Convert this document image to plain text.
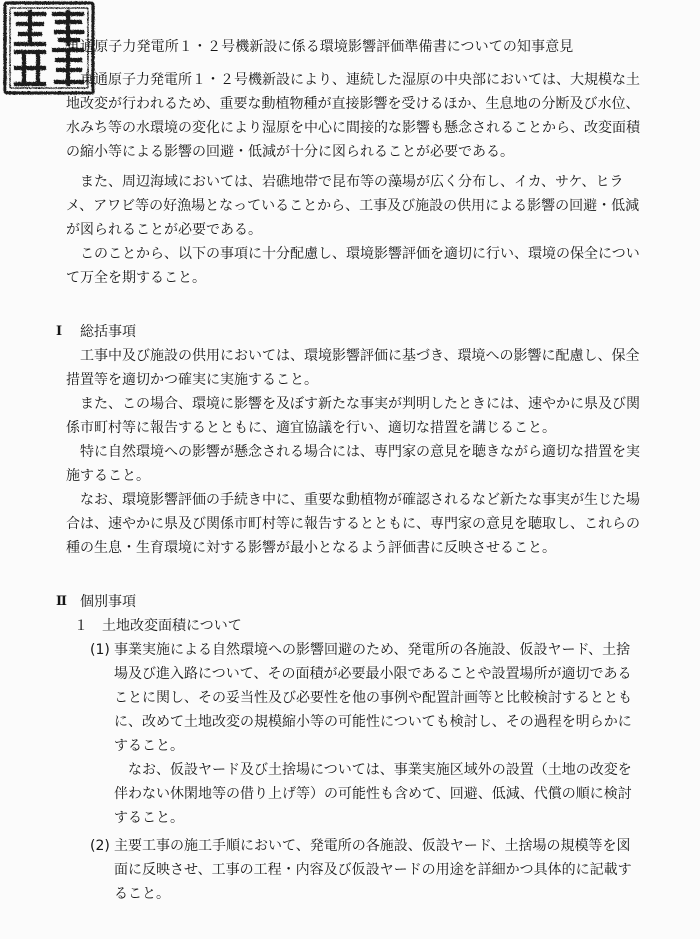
東通原子力発電所１・２号機新設に係る環境影響評価準備書についての知事意見

　東通原子力発電所１・２号機新設により、連続した湿原の中央部においては、大規模な土地改変が行われるため、重要な動植物種が直接影響を受けるほか、生息地の分断及び水位、水みち等の水環境の変化により湿原を中心に間接的な影響も懸念されることから、改変面積の縮小等による影響の回避・低減が十分に図られることが必要である。

　また、周辺海域においては、岩礁地帯で昆布等の藻場が広く分布し、イカ、サケ、ヒラメ、アワビ等の好漁場となっていることから、工事及び施設の供用による影響の回避・低減が図られることが必要である。

　このことから、以下の事項に十分配慮し、環境影響評価を適切に行い、環境の保全について万全を期すること。

Ⅰ 総括事項

　工事中及び施設の供用においては、環境影響評価に基づき、環境への影響に配慮し、保全措置等を適切かつ確実に実施すること。

　また、この場合、環境に影響を及ぼす新たな事実が判明したときには、速やかに県及び関係市町村等に報告するとともに、適宜協議を行い、適切な措置を講じること。

　特に自然環境への影響が懸念される場合には、専門家の意見を聴きながら適切な措置を実施すること。

　なお、環境影響評価の手続き中に、重要な動植物が確認されるなど新たな事実が生じた場合は、速やかに県及び関係市町村等に報告するとともに、専門家の意見を聴取し、これらの種の生息・生育環境に対する影響が最小となるよう評価書に反映させること。

Ⅱ 個別事項
１ 土地改変面積について
(1) 事業実施による自然環境への影響回避のため、発電所の各施設、仮設ヤード、土捨場及び進入路について、その面積が必要最小限であることや設置場所が適切であることに関し、その妥当性及び必要性を他の事例や配置計画等と比較検討するとともに、改めて土地改変の規模縮小等の可能性についても検討し、その過程を明らかにすること。

　なお、仮設ヤード及び土捨場については、事業実施区域外の設置（土地の改変を伴わない休閑地等の借り上げ等）の可能性も含めて、回避、低減、代償の順に検討すること。

(2) 主要工事の施工手順において、発電所の各施設、仮設ヤード、土捨場の規模等を図面に反映させ、工事の工程・内容及び仮設ヤードの用途を詳細かつ具体的に記載すること。
